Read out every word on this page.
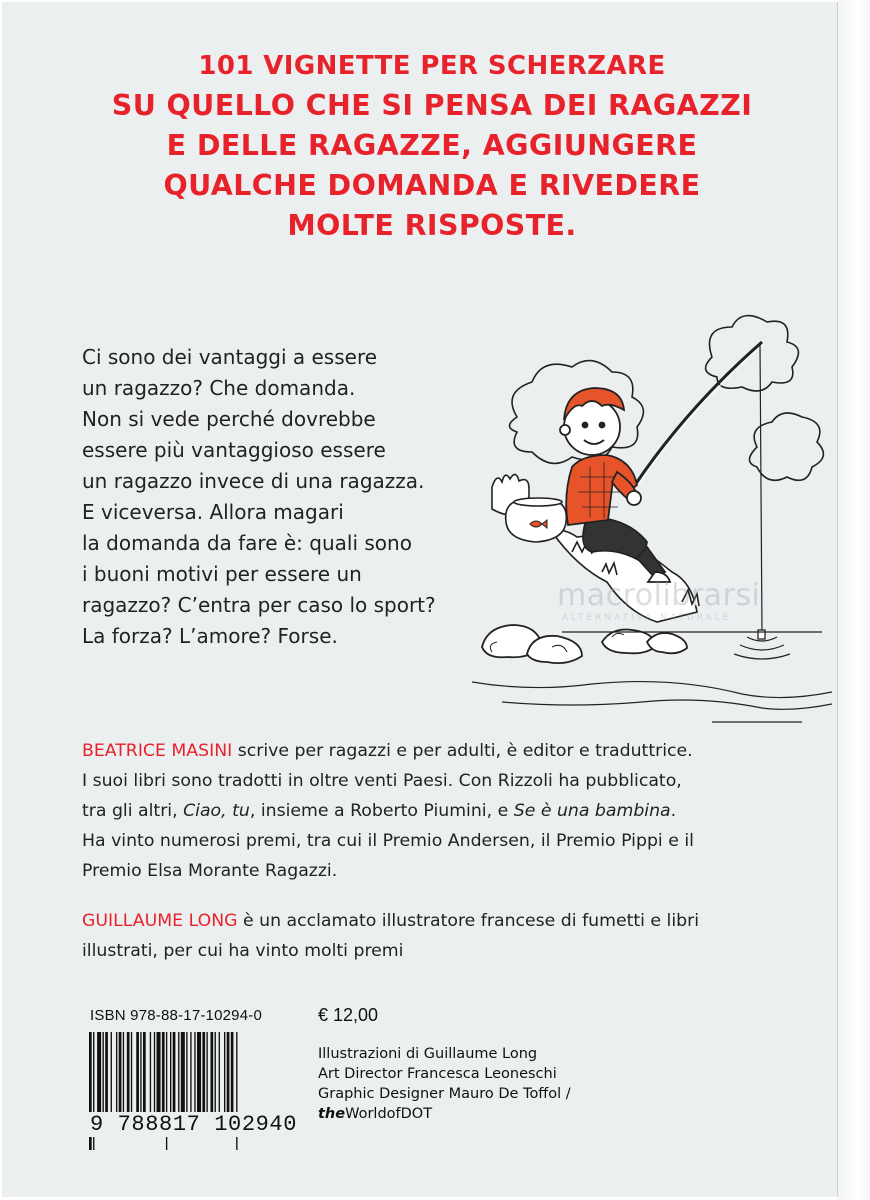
101 VIGNETTE PER SCHERZARE
SU QUELLO CHE SI PENSA DEI RAGAZZI
E DELLE RAGAZZE, AGGIUNGERE
QUALCHE DOMANDA E RIVEDERE
MOLTE RISPOSTE.

Ci sono dei vantaggi a essere

un ragazzo? Che domanda.

Non si vede perché dovrebbe

essere più vantaggioso essere

un ragazzo invece di una ragazza.

E viceversa. Allora magari

la domanda da fare è: quali sono

i buoni motivi per essere un

ragazzo? C’entra per caso lo sport?

La forza? L’amore? Forse.

macrolibrarsi
ALTERNATIVA NATURALE
BEATRICE MASINI scrive per ragazzi e per adulti, è editor e traduttrice.
I suoi libri sono tradotti in oltre venti Paesi. Con Rizzoli ha pubblicato,
tra gli altri, Ciao, tu, insieme a Roberto Piumini, e Se è una bambina.
Ha vinto numerosi premi, tra cui il Premio Andersen, il Premio Pippi e il
Premio Elsa Morante Ragazzi.
GUILLAUME LONG è un acclamato illustratore francese di fumetti e libri
illustrati, per cui ha vinto molti premi
ISBN 978-88-17-10294-0
9 788817 102940
€ 12,00
Illustrazioni di Guillaume Long
Art Director Francesca Leoneschi
Graphic Designer Mauro De Toffol /
theWorldofDOT
